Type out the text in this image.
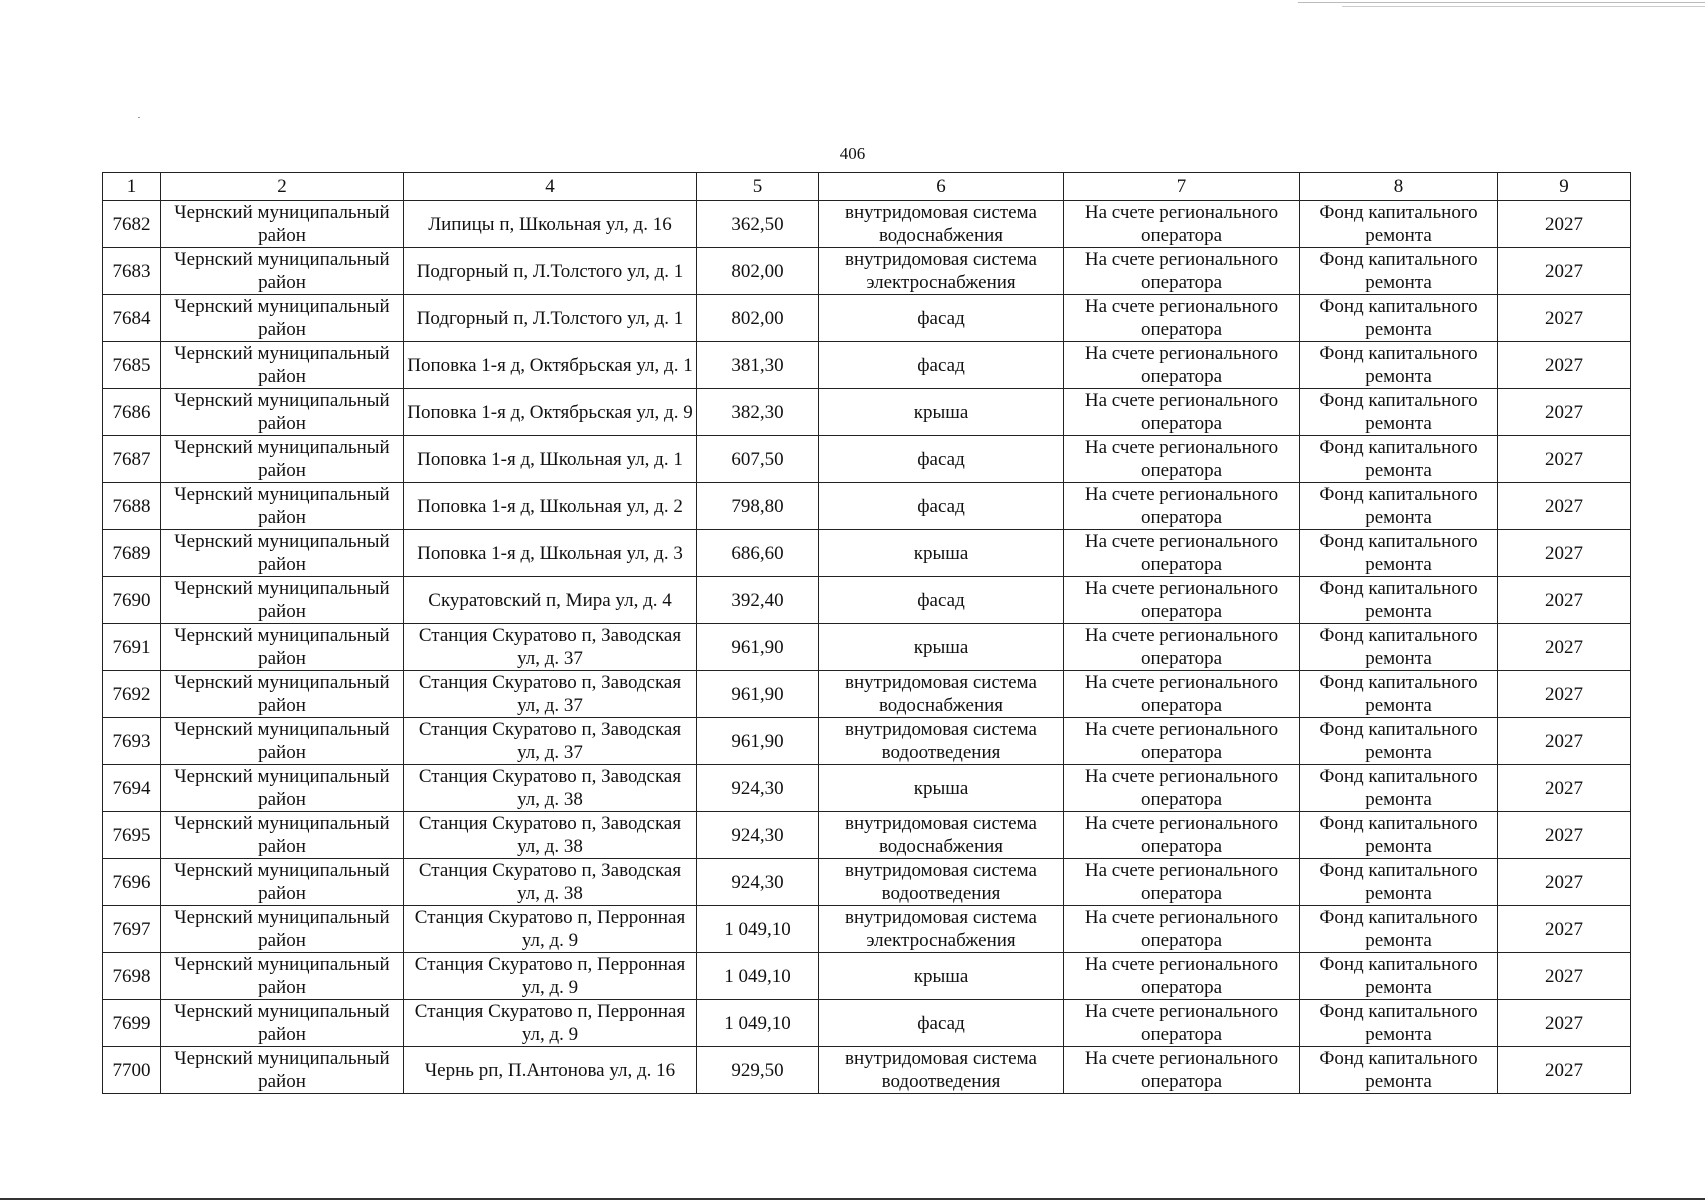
406
1	2	4	5	6	7	8	9
7682	Чернский муниципальный район	Липицы п, Школьная ул, д. 16	362,50	внутридомовая система водоснабжения	На счете регионального оператора	Фонд капитального ремонта	2027
7683	Чернский муниципальный район	Подгорный п, Л.Толстого ул, д. 1	802,00	внутридомовая система электроснабжения	На счете регионального оператора	Фонд капитального ремонта	2027
7684	Чернский муниципальный район	Подгорный п, Л.Толстого ул, д. 1	802,00	фасад	На счете регионального оператора	Фонд капитального ремонта	2027
7685	Чернский муниципальный район	Поповка 1-я д, Октябрьская ул, д. 1	381,30	фасад	На счете регионального оператора	Фонд капитального ремонта	2027
7686	Чернский муниципальный район	Поповка 1-я д, Октябрьская ул, д. 9	382,30	крыша	На счете регионального оператора	Фонд капитального ремонта	2027
7687	Чернский муниципальный район	Поповка 1-я д, Школьная ул, д. 1	607,50	фасад	На счете регионального оператора	Фонд капитального ремонта	2027
7688	Чернский муниципальный район	Поповка 1-я д, Школьная ул, д. 2	798,80	фасад	На счете регионального оператора	Фонд капитального ремонта	2027
7689	Чернский муниципальный район	Поповка 1-я д, Школьная ул, д. 3	686,60	крыша	На счете регионального оператора	Фонд капитального ремонта	2027
7690	Чернский муниципальный район	Скуратовский п, Мира ул, д. 4	392,40	фасад	На счете регионального оператора	Фонд капитального ремонта	2027
7691	Чернский муниципальный район	Станция Скуратово п, Заводская ул, д. 37	961,90	крыша	На счете регионального оператора	Фонд капитального ремонта	2027
7692	Чернский муниципальный район	Станция Скуратово п, Заводская ул, д. 37	961,90	внутридомовая система водоснабжения	На счете регионального оператора	Фонд капитального ремонта	2027
7693	Чернский муниципальный район	Станция Скуратово п, Заводская ул, д. 37	961,90	внутридомовая система водоотведения	На счете регионального оператора	Фонд капитального ремонта	2027
7694	Чернский муниципальный район	Станция Скуратово п, Заводская ул, д. 38	924,30	крыша	На счете регионального оператора	Фонд капитального ремонта	2027
7695	Чернский муниципальный район	Станция Скуратово п, Заводская ул, д. 38	924,30	внутридомовая система водоснабжения	На счете регионального оператора	Фонд капитального ремонта	2027
7696	Чернский муниципальный район	Станция Скуратово п, Заводская ул, д. 38	924,30	внутридомовая система водоотведения	На счете регионального оператора	Фонд капитального ремонта	2027
7697	Чернский муниципальный район	Станция Скуратово п, Перронная ул, д. 9	1 049,10	внутридомовая система электроснабжения	На счете регионального оператора	Фонд капитального ремонта	2027
7698	Чернский муниципальный район	Станция Скуратово п, Перронная ул, д. 9	1 049,10	крыша	На счете регионального оператора	Фонд капитального ремонта	2027
7699	Чернский муниципальный район	Станция Скуратово п, Перронная ул, д. 9	1 049,10	фасад	На счете регионального оператора	Фонд капитального ремонта	2027
7700	Чернский муниципальный район	Чернь рп, П.Антонова ул, д. 16	929,50	внутридомовая система водоотведения	На счете регионального оператора	Фонд капитального ремонта	2027
